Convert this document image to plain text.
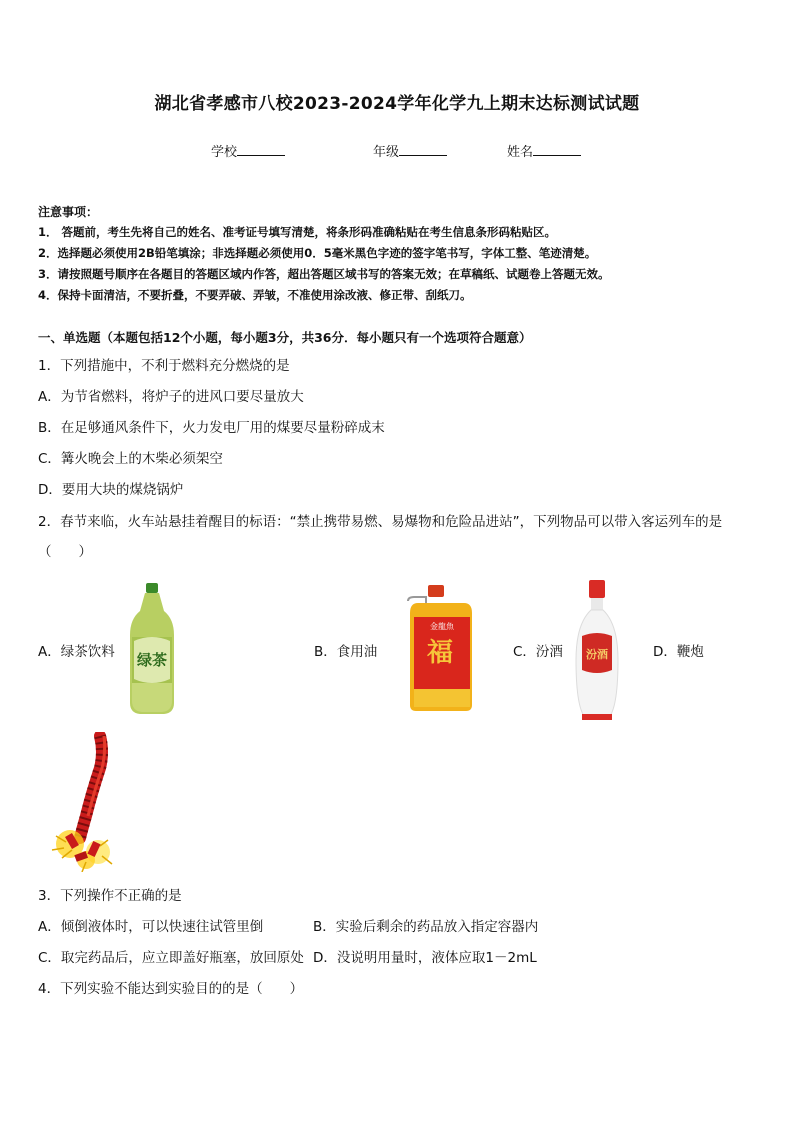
湖北省孝感市八校2023-2024学年化学九上期末达标测试试题
学校	年级	姓名
注意事项：
1． 答题前，考生先将自己的姓名、准考证号填写清楚，将条形码准确粘贴在考生信息条形码粘贴区。
2．选择题必须使用2B铅笔填涂；非选择题必须使用0．5毫米黑色字迹的签字笔书写，字体工整、笔迹清楚。
3．请按照题号顺序在各题目的答题区域内作答，超出答题区域书写的答案无效；在草稿纸、试题卷上答题无效。
4．保持卡面清洁，不要折叠，不要弄破、弄皱，不准使用涂改液、修正带、刮纸刀。
一、单选题（本题包括12个小题，每小题3分，共36分．每小题只有一个选项符合题意）
1．下列措施中，不利于燃料充分燃烧的是
A．为节省燃料，将炉子的进风口要尽量放大
B．在足够通风条件下，火力发电厂用的煤要尽量粉碎成末
C．篝火晚会上的木柴必须架空
D．要用大块的煤烧锅炉
2．春节来临，火车站悬挂着醒目的标语：“禁止携带易燃、易爆物和危险品进站”，下列物品可以带入客运列车的是
（　　）
A．绿茶饮料 绿茶	B．食用油
金龍魚
福	C．汾酒 汾酒	D．鞭炮
3．下列操作不正确的是
A．倾倒液体时，可以快速往试管里倒	B．实验后剩余的药品放入指定容器内
C．取完药品后，应立即盖好瓶塞，放回原处 D．没说明用量时，液体应取1－2mL
4．下列实验不能达到实验目的的是（　　）
